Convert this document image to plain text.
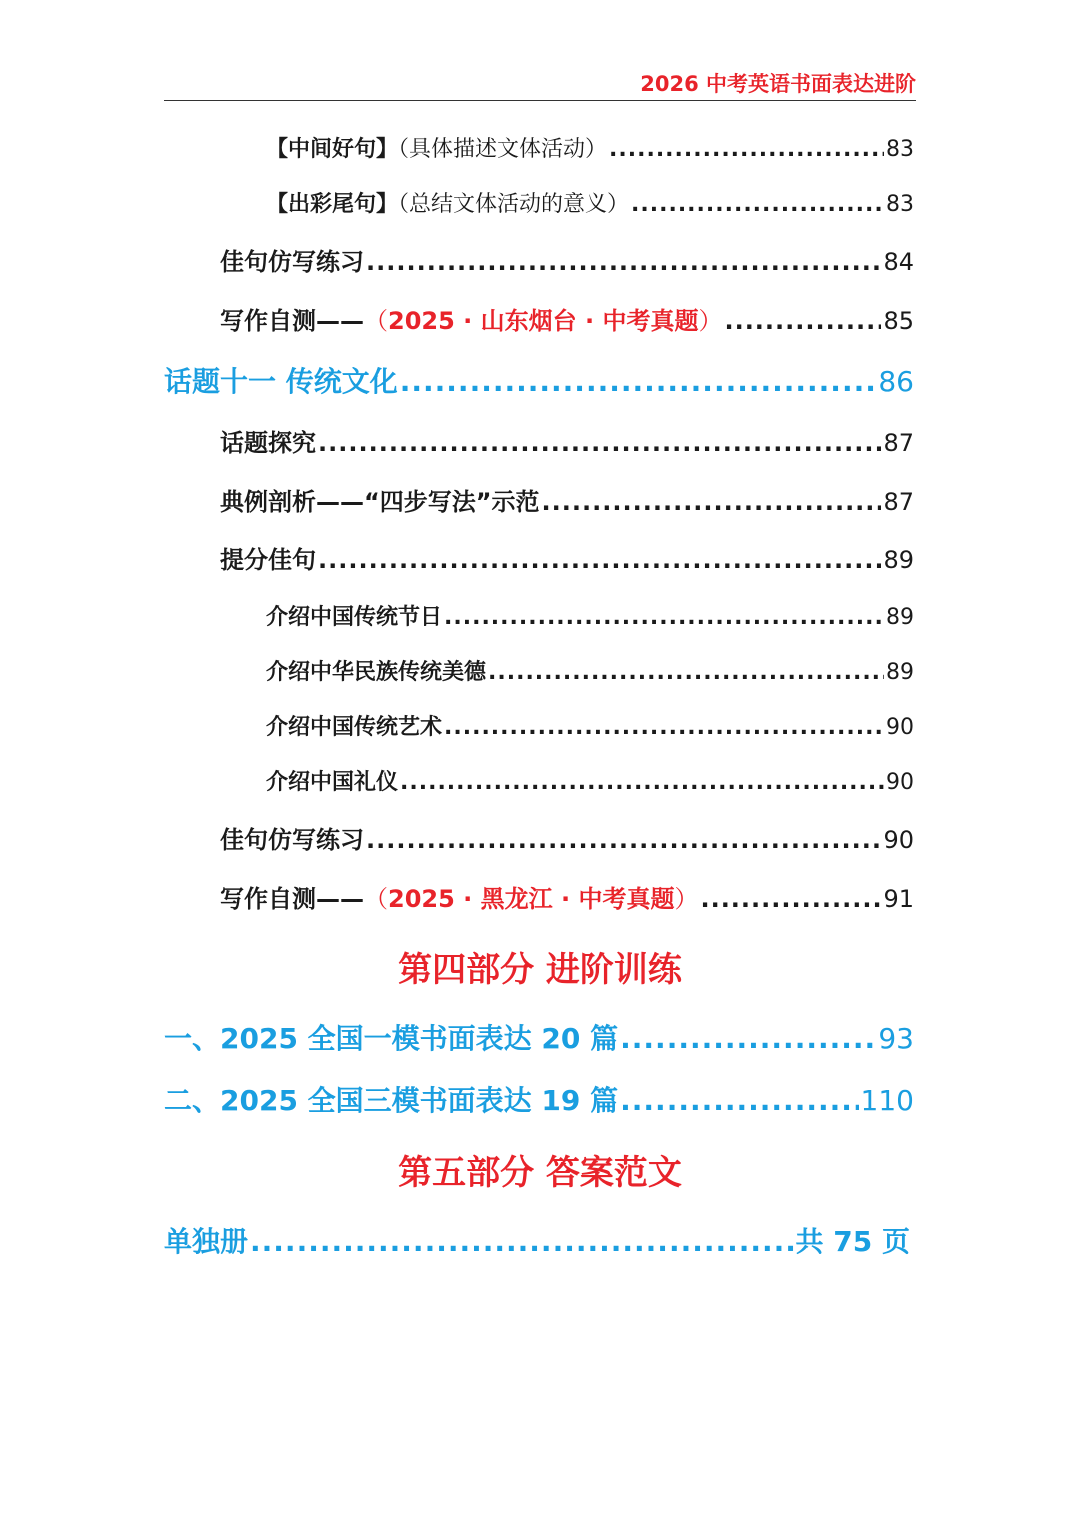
2026 中考英语书面表达进阶
【中间好句】（具体描述文体活动） .....	83
【出彩尾句】（总结文体活动的意义） .....	83
佳句仿写练习 .....	84
写作自测——（2025 · 山东烟台 · 中考真题） .....	85
话题十一 传统文化 .....	86
话题探究 .....	87
典例剖析——“四步写法”示范 .....	87
提分佳句 .....	89
介绍中国传统节日 .....	89
介绍中华民族传统美德 .....	89
介绍中国传统艺术 .....	90
介绍中国礼仪 .....	90
佳句仿写练习 .....	90
写作自测——（2025 · 黑龙江 · 中考真题） .....	91
第四部分 进阶训练
一、2025 全国一模书面表达 20 篇 .....	93
二、2025 全国三模书面表达 19 篇 .....	110
第五部分 答案范文
单独册 .....	共 75 页
